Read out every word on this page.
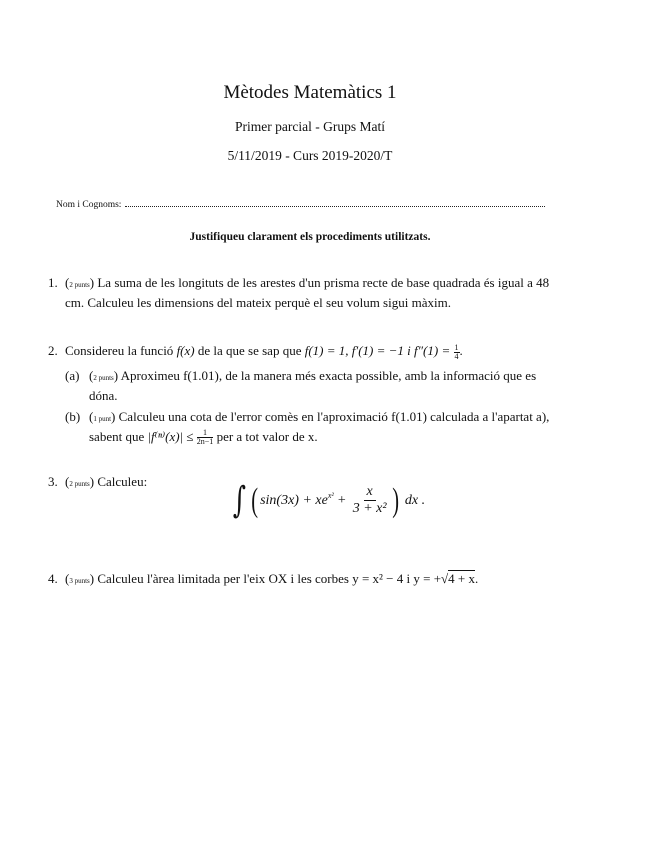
Mètodes Matemàtics 1
Primer parcial - Grups Matí
5/11/2019 - Curs 2019-2020/T
Nom i Cognoms:
Justifiqueu clarament els procediments utilitzats.
1. (2 punts) La suma de les longituts de les arestes d'un prisma recte de base quadrada és igual a 48 cm. Calculeu les dimensions del mateix perquè el seu volum sigui màxim.
2. Considereu la funció f(x) de la que se sap que f(1) = 1, f′(1) = −1 i $f''(1) = \frac{1}{4}$ .
(a) (2 punts) Aproximeu f(1.01), de la manera més exacta possible, amb la informació que es dóna.
(b) (1 punt) Calculeu una cota de l'error comès en l'aproximació f(1.01) calculada a l'apartat a), sabent que $|f^{(n)}(x)| \le \frac{1}{2n-1}$ per a tot valor de x.
3. (2 punts) Calculeu:	∫ ( $\sin(3x) + xe^{x^2} + \frac{x}{\text{3 + x²}}$ ) dx .
4. (3 punts) Calculeu l'àrea limitada per l'eix OX i les corbes y = x² − 4 i y = +√4 + x.
